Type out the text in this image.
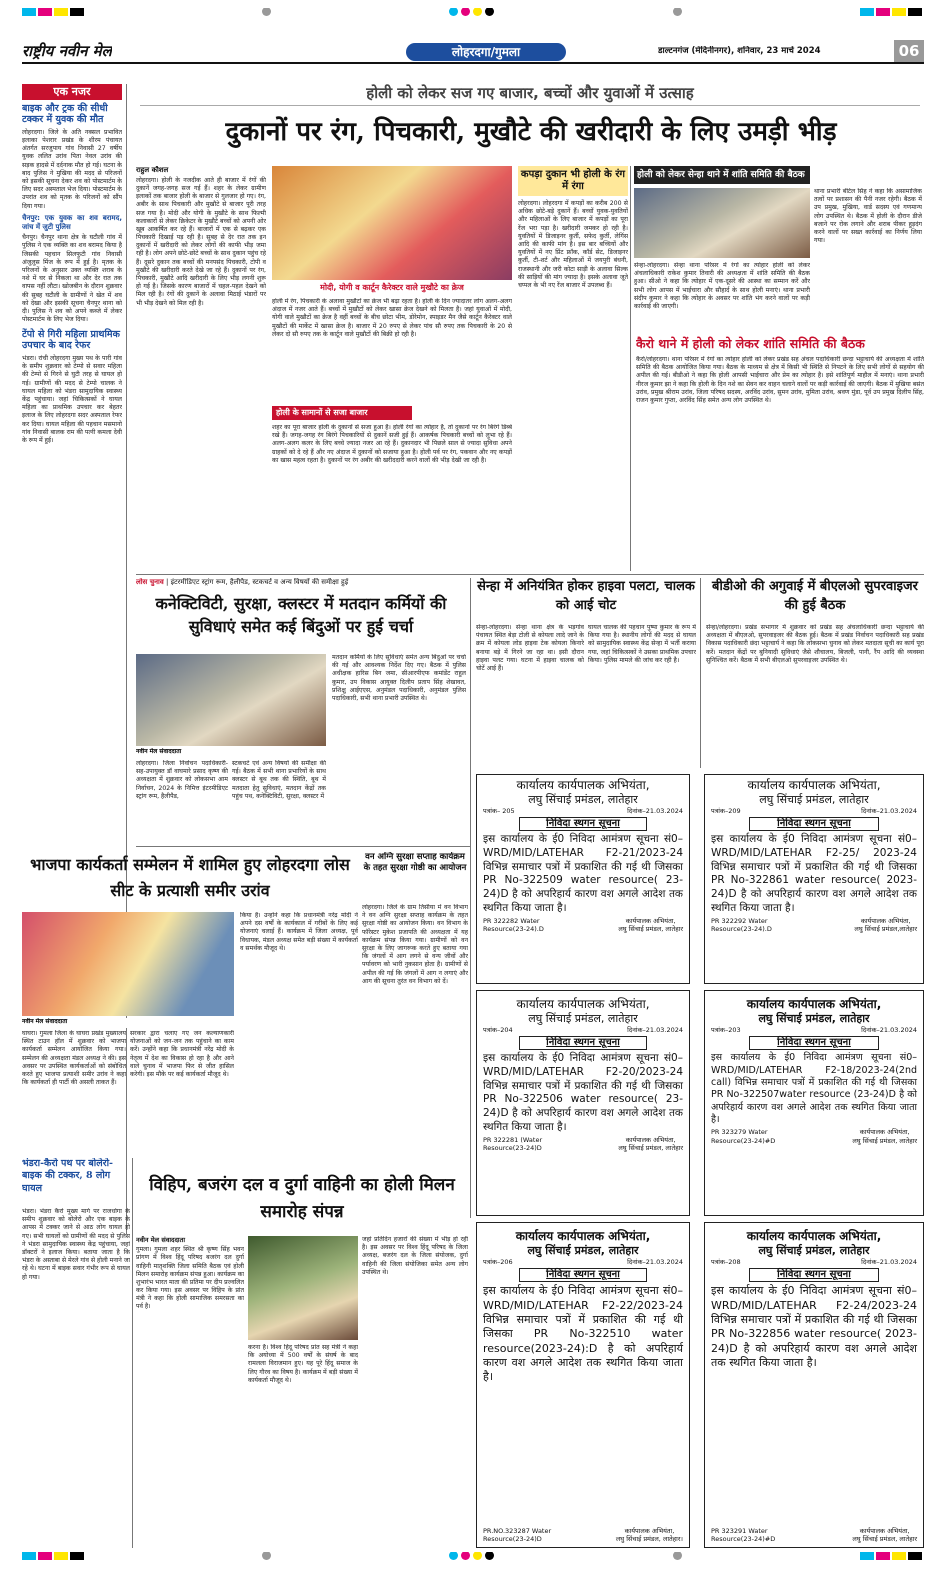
राष्ट्रीय नवीन मेल	लोहरदगा/गुमला	डाल्टनगंज (मेदिनीनगर), शनिवार, 23 मार्च 2024	06
एक नजर
बाइक और ट्रक की सीधी टक्कर में युवक की मौत
लोहरदगा। जिले के अति नक्सल प्रभावित इलाका पेशरार प्रखंड के शीरम पंचायत अंतर्गत सरजुपाय गांव निवासी 27 वर्षीय युवक ललित उरांव पिता नेवल उरांव की सड़क हादसे में दर्दनाक मौत हो गई। घटना के बाद पुलिस ने मुखिया की मदद से परिजनों को इसकी सूचना देकर शव को पोस्टमार्टम के लिए सदर अस्पताल भेज दिया। पोस्टमार्टम के उपरांत शव को मृतक के परिजनों को सौंप दिया गया।
चैनपुर: एक युवक का शव बरामद, जांच में जुटी पुलिस
चैनपुर। चैनपुर थाना क्षेत्र के घटौली गांव में पुलिस ने एक व्यक्ति का शव बरामद किया है जिसकी पहचान सिलफुटी गांव निवासी अंजुलुस मिंज के रूप में हुई है। मृतक के परिजनों के अनुसार उक्त व्यक्ति शराब के नशे में घर से निकला था और देर रात तक वापस नहीं लौटा। खोजबीन के दौरान शुक्रवार की सुबह घटौली के ग्रामीणों ने खेत में शव को देखा और इसकी सूचना चैनपुर थाना को दी। पुलिस ने शव को अपने कब्जे में लेकर पोस्टमार्टम के लिए भेज दिया।
टेंपो से गिरी महिला प्राथमिक उपचार के बाद रेफर
भंडरा। रांची लोहरदगा मुख्य पथ के पारी गांव के समीप शुक्रवार को टेम्पो से सवार महिला की टेम्पो से गिरने से घुटी तरह से घायल हो गई। ग्रामीणों की मदद से टेम्पो चालक ने घायल महिला को भंडरा सामुदायिक स्वास्थ्य केंद्र पहुंचाया। जहां चिकित्सकों ने घायल महिला का प्राथमिक उपचार कर बेहतर इलाज के लिए लोहरदगा सदर अस्पताल रेफर कर दिया। घायल महिला की पहचान मसमानो गांव निवासी बालक राम की पत्नी कमला देवी के रूप में हुई।
होली को लेकर सज गए बाजार, बच्चों और युवाओं में उत्साह
दुकानों पर रंग, पिचकारी, मुखौटे की खरीदारी के लिए उमड़ी भीड़
राहुल कौशल
लोहरदगा। होली के नजदीक आते ही बाजार में रंगों की दुकानें जगह-जगह सज गई हैं। शहर के लेकर ग्रामीण इलाकों तक बाजार होली के बाजार से गुलजार हो गए। रंग, अबीर के साथ पिचकारी और मुखौटे से बाजार पूरी तरह सज गया है। मोदी और योगी के मुखौटे के साथ फिल्मी कलाकारों से लेकर क्रिकेटर के मुखौटे बच्चों को अपनी ओर खूब आकर्षित कर रहे हैं। बाजारों में एक से बढ़कर एक पिचकारी दिखाई पड़ रही है। सुबह से देर रात तक इन दुकानों में खरीदारी को लेकर लोगों की काफी भीड़ जमा रही है। लोग अपने छोटे-छोटे बच्चों के साथ दुकान पहुंच रहे हैं। दूसरे दुकान तक बच्चों की मनपसंद पिचकारी, टोपी व मुखौटे की खरीदारी करते देखे जा रहे हैं। दुकानों पर रंग, पिचकारी, मुखौटे आदि खरीदारी के लिए भीड़ लगनी शुरू हो गई है। जिसके कारण बाजारों में चहल-पहल देखने को मिल रही है। रंगों की दुकानें के अलावा मिठाई भंडारों पर भी भीड़ देखने को मिल रही है।
मोदी, योगी व कार्टून कैरेक्टर वाले मुखौटे का क्रेज
होली में रंग, पिचकारी के अलावा मुखौटों का क्रेज भी बढ़ा रहता है। होली के दिन ज्यादातर लोग अलग-अलग अंदाज में नजर आते हैं। बच्चों में मुखौटों को लेकर खासा क्रेज देखने को मिलता है। जहां युवाओं में मोदी, योगी वाले मुखौटों का क्रेज है वहीं बच्चों के बीच छोटा भीम, डोरेमोन, स्पाइडर मैन जैसे कार्टून कैरेक्टर वाले मुखौटों की मार्केट में खासा क्रेज है। बाजार में 20 रुपए से लेकर पांच सौ रुपए तक पिचकारी के 20 से लेकर दो सौ रुपए तक के कार्टून वाले मुखौटों की बिक्री हो रही है।
होली के सामानों से सजा बाजार
शहर का पूरा बाजार होली के दुकानों से सजा हुआ है। होली रंगों का त्योहार है, तो दुकानों पर रंग बिरंगे डिब्बे रखे हैं। जगह-जगह रंग बिरंगे पिचकारियों से दुकानें सजी हुई हैं। आकर्षक पिचकारी बच्चों को लुभा रहे हैं। अलग-अलग कलर के लिए बच्चे ज्यादा नजर आ रहे हैं। दुकानदार भी पिछले साल से ज्यादा सुविधा अपने ग्राहकों को दे रहे हैं और नए अंदाज में दुकानों को सजाया हुआ है। होली पर्व पर रंग, पकवान और नए कपड़ों का खास महत्व रहता है। दुकानों पर रंग अबीर की खरीददारी करने वालों की भीड़ देखी जा रही है।
कपड़ा दुकान भी होली के रंग में रंगा
लोहरदगा। लोहरदगा में कपड़ों का करीब 200 से अधिक छोटे-बड़े दुकानें हैं। बच्चों युवक-युवतियों और महिलाओं के लिए बाजार में कपड़ों का पूरा रेंज भरा पड़ा है। खरीदारी जमकर हो रही है। युवतियों में डिजाइनर कुर्ती, सफेद कुर्ती, लेगिंस आदि की काफी मांग है। इस बार बच्चियों और युवतियों में नए प्रिंट फ्रॉक, कॉर्ड सेट, डिजाइनर कुर्ती, टी-शर्ट और महिलाओं में जयपुरी बंधनी, राजस्थानी और जरी कोटा साड़ी के अलावा सिल्क की साड़ियों की मांग ज्यादा है। इसके अलावा जूते चप्पल के भी नए रेंज बाजार में उपलब्ध हैं।
होली को लेकर सेन्हा थाने में शांति समिति की बैठक
सेन्हा-लोहरदगा। सेन्हा थाना परिसर में रंगों का त्योहार होली को लेकर अंचलाधिकारी राकेश कुमार तिवारी की अध्यक्षता में शांति समिति की बैठक हुआ। सीओ ने कहा कि त्योहार में एक-दूसरे की आस्था का सम्मान करें और सभी लोग आपस में भाईचारा और सौहार्द के साथ होली मनाएं। थाना प्रभारी संदीप कुमार ने कहा कि त्योहार के अवसर पर शांति भंग करने वालों पर कड़ी कार्रवाई की जाएगी।
थाना प्रभारी बेटिल सिंह ने कहा कि असामाजिक तत्वों पर प्रशासन की पैनी नजर रहेगी। बैठक में उप प्रमुख, मुखिया, वार्ड सदस्य एवं गणमान्य लोग उपस्थित थे। बैठक में होली के दौरान डीजे बजाने पर रोक लगाने और शराब पीकर हुड़दंग करने वालों पर सख्त कार्रवाई का निर्णय लिया गया।
कैरो थाने में होली को लेकर शांति समिति की बैठक
कैरो/लोहरदगा। थाना परिसर में रंगों का त्योहार होली को लेकर प्रखंड सह अंचल पदाधिकारी छन्दा भट्टाचार्य की अध्यक्षता में शांति समिति की बैठक आयोजित किया गया। बैठक के माध्यम से क्षेत्र में किसी भी स्थिति से निपटने के लिए सभी लोगों से सहयोग की अपील की गई। बीडीओ ने कहा कि होली आपसी भाईचारा और प्रेम का त्योहार है। इसे शांतिपूर्ण माहौल में मनाएं। थाना प्रभारी नीरज कुमार झा ने कहा कि होली के दिन नशे का सेवन कर वाहन चलाने वालों पर कड़ी कार्रवाई की जाएगी। बैठक में मुखिया बसंत उरांव, प्रमुख श्रीराम उरांव, जिला परिषद सदस्य, अरविंद उरांव, सुमन उरांव, मुमिता उरांव, श्रवण मुंडा, पूर्व उप प्रमुख दिलीप सिंह, राजन कुमार गुप्ता, अरविंद सिंह समेत अन्य लोग उपस्थित थे।
लोस चुनाव | इंटरमीडिएट स्ट्रांग रूम, हैलीपैड, स्टकचर्ट व अन्य विषयों की समीक्षा हुई
कनेक्टिविटी, सुरक्षा, क्लस्टर में मतदान कर्मियों की सुविधाएं समेत कई बिंदुओं पर हुई चर्चा
नवीन मेल संवाददाता
लोहरदगा। जिला निर्वाचन पदाधिकारी-सह-उपायुक्त डॉ वाघमारे प्रसाद कृष्ण की अध्यक्षता में शुक्रवार को लोकसभा आम निर्वाचन, 2024 के निमित्त इंटरमीडिएट स्ट्रांग रूम, हैलीपैड,
स्टकचर्ट एवं अन्य विषयों की समीक्षा की गई। बैठक में सभी थाना प्रभारियों के साथ क्लस्टर से बूथ तक की स्थिति, बूथ में मतदाता हेतु सुविधाएं, मतदान केंद्रों तक पहुंच पथ, कनेक्टिविटी, सुरक्षा, क्लस्टर में
मतदान कर्मियों के लिए सुविधाएं समेत अन्य बिंदुओं पर चर्चा की गई और आवश्यक निर्देश दिए गए। बैठक में पुलिस अधीक्षक हारिस बिन जमा, सीआरपीएफ कमांडेंट राहुल कुमार, उप विकास आयुक्त दिलीप प्रताप सिंह शेखावत, प्रशिक्षु आईएएस, अनुमंडल पदाधिकारी, अनुमंडल पुलिस पदाधिकारी, सभी थाना प्रभारी उपस्थित थे।
सेन्हा में अनियंत्रित होकर हाइवा पलटा, चालक को आई चोट
सेन्हा-लोहरदगा। सेन्हा थाना क्षेत्र के भड़गांव पंचायत स्थित बेड़ा टोली से कोयला लादे जाने के क्रम में कोयला लोड हाइवा टेक कोयला किनारे बनाया बड़े में गिरने जा रहा था। इसी दौरान हाइवा पलट गया। घटना में हाइवा चालक को चोटें आई हैं।
घायल चालक की पहचान पुष्पा कुमार के रूप में किया गया है। स्थानीय लोगों की मदद से घायल को सामुदायिक स्वास्थ्य केंद्र सेन्हा में भर्ती कराया गया, जहां चिकित्सकों ने उसका प्राथमिक उपचार किया। पुलिस मामले की जांच कर रही है।
बीडीओ की अगुवाई में बीएलओ सुपरवाइजर की हुई बैठक
सेन्हा/लोहरदगा। प्रखंड सभागार में शुक्रवार को प्रखंड सह अंचलाधिकारी छन्दा भट्टाचार्य की अध्यक्षता में बीएलओ, सुपरवाइजर की बैठक हुई। बैठक में प्रखंड निर्वाचन पदाधिकारी सह प्रखंड विकास पदाधिकारी छंदा भट्टाचार्य ने कहा कि लोकसभा चुनाव को लेकर मतदाता सूची का कार्य पूरा करें। मतदान केंद्रों पर बुनियादी सुविधाएं जैसे शौचालय, बिजली, पानी, रैंप आदि की व्यवस्था सुनिश्चित करें। बैठक में सभी बीएलओ सुपरवाइजर उपस्थित थे।
भाजपा कार्यकर्ता सम्मेलन में शामिल हुए लोहरदगा लोस सीट के प्रत्याशी समीर उरांव
नवीन मेल संवाददाता
घाघरा। गुमला जिला के घाघरा प्रखंड मुख्यालय स्थित टाउन हॉल में शुक्रवार को भाजपा कार्यकर्ता सम्मेलन आयोजित किया गया। सम्मेलन की अध्यक्षता मंडल अध्यक्ष ने की। इस अवसर पर उपस्थित कार्यकर्ताओं को संबोधित करते हुए भाजपा प्रत्याशी समीर उरांव ने कहा कि कार्यकर्ता ही पार्टी की असली ताकत हैं।
सरकार द्वारा चलाए गए जन कल्याणकारी योजनाओं को जन-जन तक पहुंचाने का काम करें। उन्होंने कहा कि प्रधानमंत्री नरेंद्र मोदी के नेतृत्व में देश का विकास हो रहा है और आने वाले चुनाव में भाजपा फिर से जीत हासिल करेगी। इस मौके पर कई कार्यकर्ता मौजूद थे।
किया है। उन्होंने कहा कि प्रधानमंत्री नरेंद्र मोदी ने अपने दस वर्षों के कार्यकाल में गरीबों के लिए कई योजनाएं चलाई हैं। कार्यक्रम में जिला अध्यक्ष, पूर्व विधायक, मंडल अध्यक्ष समेत बड़ी संख्या में कार्यकर्ता व समर्थक मौजूद थे।
वन अग्नि सुरक्षा सप्ताह कार्यक्रम के तहत सुरक्षा गोष्ठी का आयोजन
लोहरदगा। जिले के ग्राम तिसीया में वन विभाग ने वन अग्नि सुरक्षा सप्ताह कार्यक्रम के तहत सुरक्षा गोष्ठी का आयोजन किया। वन विभाग के फॉरेस्टर मुकेश प्रजापति की अध्यक्षता में यह कार्यक्रम संपन्न किया गया। ग्रामीणों को वन सुरक्षा के लिए जागरूक करते हुए बताया गया कि जंगलों में आग लगने से वन्य जीवों और पर्यावरण को भारी नुकसान होता है। ग्रामीणों से अपील की गई कि जंगलों में आग न लगाएं और आग की सूचना तुरंत वन विभाग को दें।
भंडरा-कैरो पथ पर बोलेरो-बाइक की टक्कर, 8 लोग घायल
भंडरा। भंडरा कैरो मुख्य मार्ग पर राजधोगा के समीप शुक्रवार को बोलेरो और एक बाइक के आपस में टक्कर जाने से आठ लोग घायल हो गए। सभी घायलों को ग्रामीणों की मदद से पुलिस ने भंडरा सामुदायिक स्वास्थ्य केंद्र पहुंचाया, जहां डॉक्टरों ने इलाज किया। बताया जाता है कि भंडरा के अस्ताबा से मेरले गांव से होली मनाने जा रहे थे। घटना में बाइक सवार गंभीर रूप से घायल हो गया।
विहिप, बजरंग दल व दुर्गा वाहिनी का होली मिलन समारोह संपन्न
नवीन मेल संवाददाता
गुमला। गुमला शहर स्थित श्री कृष्ण सिंह भवन प्रांगण में विश्व हिंदू परिषद बजरंग दल दुर्गा वाहिनी मातृशक्ति जिला समिति बैठक एवं होली मिलन समारोह कार्यक्रम संपन्न हुआ। कार्यक्रम का शुभारंभ भारत माता की प्रतिमा पर दीप प्रज्वलित कर किया गया। इस अवसर पर विहिप के प्रांत मंत्री ने कहा कि होली सामाजिक समरसता का पर्व है।
करना है। विश्व हिंदू परिषद प्रांत सह मंत्री ने कहा कि अयोध्या में 500 वर्षों के संघर्ष के बाद रामलला विराजमान हुए। यह पूरे हिंदू समाज के लिए गौरव का विषय है। कार्यक्रम में बड़ी संख्या में कार्यकर्ता मौजूद थे।
जहां प्रतिदिन हजारों की संख्या में भीड़ हो रही है। इस अवसर पर विश्व हिंदू परिषद के जिला अध्यक्ष, बजरंग दल के जिला संयोजक, दुर्गा वाहिनी की जिला संयोजिका समेत अन्य लोग उपस्थित थे।
कार्यालय कार्यपालक अभियंता,
लघु सिंचाई प्रमंडल, लातेहार
पत्रांक– 205	दिनांक–21.03.2024
निविदा स्थगन सूचना
इस कार्यालय के ई0 निविदा आमंत्रण सूचना सं0–WRD/MID/LATEHAR F2-21/2023-24 विभिन्न समाचार पत्रों में प्रकाशित की गई थी जिसका PR No-322509 water resource( 23-24)D है को अपरिहार्य कारण वश अगले आदेश तक स्थगित किया जाता है।
PR 322282 Water Resource(23-24).D
कार्यपालक अभियंता,
लघु सिंचाई प्रमंडल, लातेहार
कार्यालय कार्यपालक अभियंता,
लघु सिंचाई प्रमंडल, लातेहार
पत्रांक–209	दिनांक–21.03.2024
निविदा स्थगन सूचना
इस कार्यालय के ई0 निविदा आमंत्रण सूचना सं0–WRD/MID/LATEHAR F2-25/ 2023-24 विभिन्न समाचार पत्रों में प्रकाशित की गई थी जिसका PR No-322861 water resource( 2023-24)D है को अपरिहार्य कारण वश अगले आदेश तक स्थगित किया जाता है।
PR 322292 Water Resource(23-24).D
कार्यपालक अभियंता,
लघु सिंचाई प्रमंडल,लातेहार
कार्यालय कार्यपालक अभियंता,
लघु सिंचाई प्रमंडल, लातेहार
पत्रांक–204	दिनांक–21.03.2024
निविदा स्थगन सूचना
इस कार्यालय के ई0 निविदा आमंत्रण सूचना सं0–WRD/MID/LATEHAR F2-20/2023-24 विभिन्न समाचार पत्रों में प्रकाशित की गई थी जिसका PR No-322506 water resource( 23-24)D है को अपरिहार्य कारण वश अगले आदेश तक स्थगित किया जाता है।
PR 322281 (Water Resource(23-24)D
कार्यपालक अभियंता,
लघु सिंचाई प्रमंडल, लातेहार
कार्यालय कार्यपालक अभियंता,
लघु सिंचाई प्रमंडल, लातेहार
पत्रांक–203	दिनांक–21.03.2024
निविदा स्थगन सूचना
इस कार्यालय के ई0 निविदा आमंत्रण सूचना सं0–WRD/MID/LATEHAR F2-18/2023-24(2nd call) विभिन्न समाचार पत्रों में प्रकाशित की गई थी जिसका PR No-322507water resource (23-24)D है को अपरिहार्य कारण वश अगले आदेश तक स्थगित किया जाता है।
PR 323279 Water Resource(23-24)#D
कार्यपालक अभियंता,
लघु सिंचाई प्रमंडल, लातेहार
कार्यालय कार्यपालक अभियंता,
लघु सिंचाई प्रमंडल, लातेहार
पत्रांक–206	दिनांक–21.03.2024
निविदा स्थगन सूचना
इस कार्यालय के ई0 निविदा आमंत्रण सूचना सं0–WRD/MID/LATEHAR F2-22/2023-24 विभिन्न समाचार पत्रों में प्रकाशित की गई थी जिसका PR No-322510 water resource(2023-24):D है को अपरिहार्य कारण वश अगले आदेश तक स्थगित किया जाता है।
PR.NO.323287 Water Resource(23-24)D
कार्यपालक अभियंता,
लघु सिंचाई प्रमंडल, लातेहार।
कार्यालय कार्यपालक अभियंता,
लघु सिंचाई प्रमंडल, लातेहार
पत्रांक–208	दिनांक–21.03.2024
निविदा स्थगन सूचना
इस कार्यालय के ई0 निविदा आमंत्रण सूचना सं0–WRD/MID/LATEHAR F2-24/2023-24 विभिन्न समाचार पत्रों में प्रकाशित की गई थी जिसका PR No-322856 water resource( 2023-24)D है को अपरिहार्य कारण वश अगले आदेश तक स्थगित किया जाता है।
PR 323291 Water Resource(23-24)#D
कार्यपालक अभियंता,
लघु सिंचाई प्रमंडल, लातेहार
